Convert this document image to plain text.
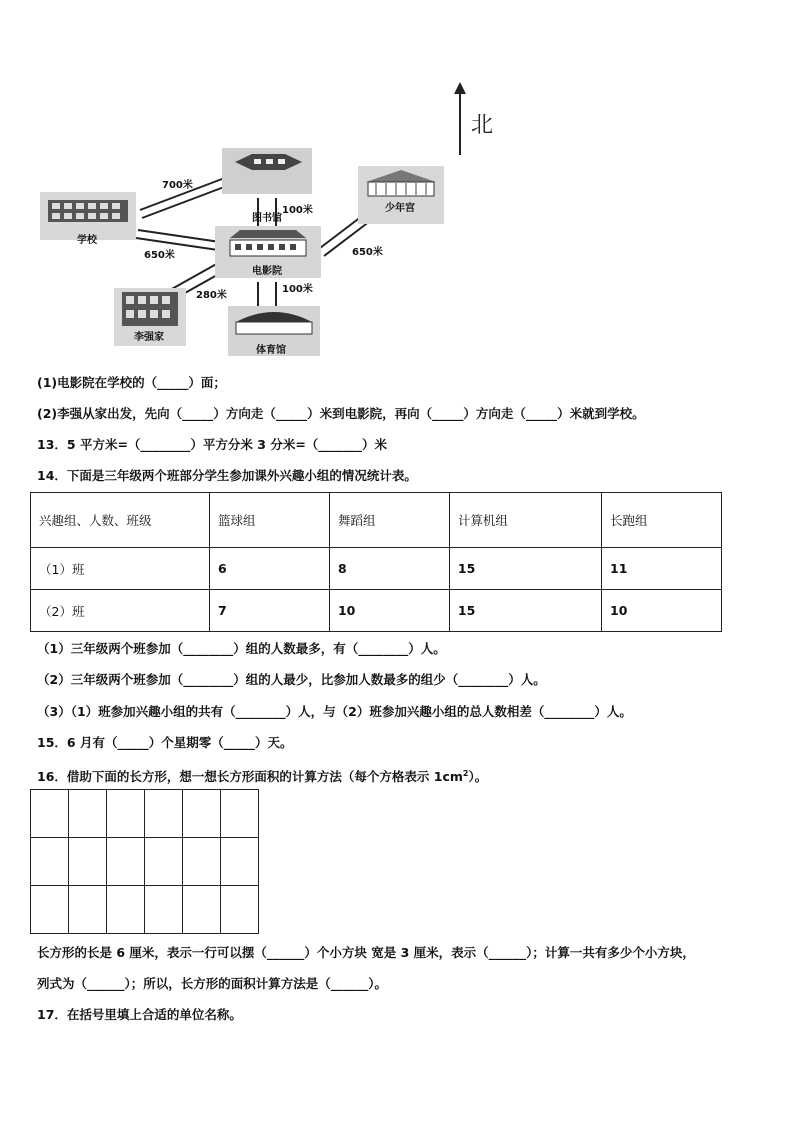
图书馆
学校
电影院
少年宫
李强家
体育馆
700米
650米
100米
650米
280米
100米
北
(1)电影院在学校的（_____）面；
(2)李强从家出发，先向（_____）方向走（_____）米到电影院，再向（_____）方向走（_____）米就到学校。
13．5 平方米=（________）平方分米 3 分米=（_______）米
14．下面是三年级两个班部分学生参加课外兴趣小组的情况统计表。
兴趣组、人数、班级	篮球组	舞蹈组	计算机组	长跑组
（1）班	6	8	15	11
（2）班	7	10	15	10
（1）三年级两个班参加（________）组的人数最多，有（________）人。
（2）三年级两个班参加（________）组的人最少，比参加人数最多的组少（________）人。
（3）（1）班参加兴趣小组的共有（________）人，与（2）班参加兴趣小组的总人数相差（________）人。
15．6 月有（_____）个星期零（_____）天。
16．借助下面的长方形，想一想长方形面积的计算方法（每个方格表示 $1cm^2$）。

长方形的长是 6 厘米，表示一行可以摆（______）个小方块 宽是 3 厘米，表示（______）；计算一共有多少个小方块，
列式为（______）；所以，长方形的面积计算方法是（______）。
17．在括号里填上合适的单位名称。
